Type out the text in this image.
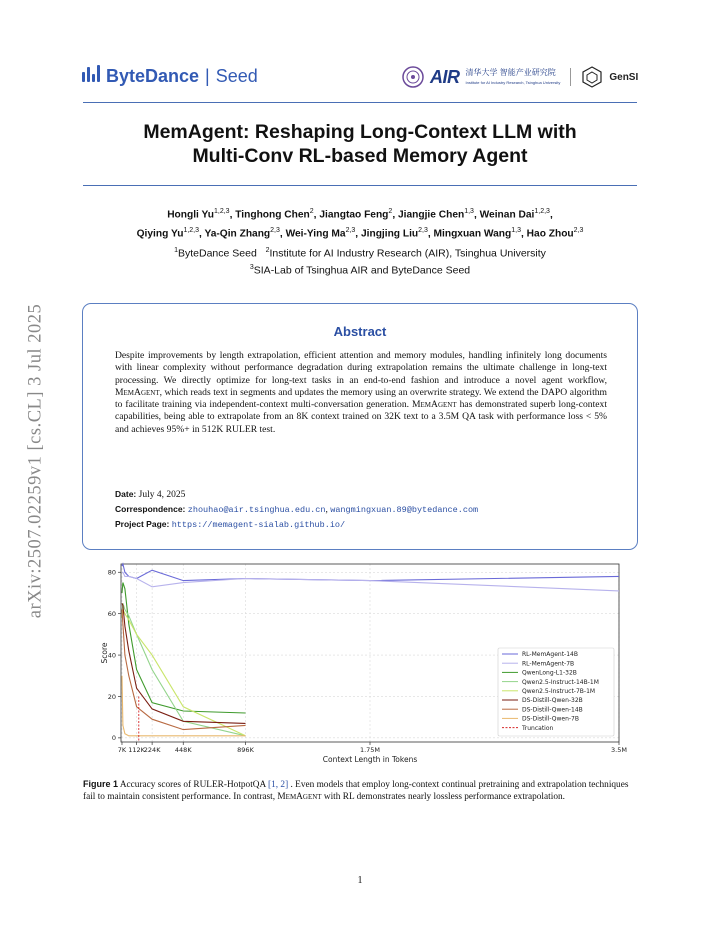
arXiv:2507.02259v1 [cs.CL] 3 Jul 2025
ByteDance | Seed	AIR 清华大学 智能产业研究院
Institute for AI Industry Research, Tsinghua University	GenSI
MemAgent: Reshaping Long-Context LLM with
Multi-Conv RL-based Memory Agent
Hongli Yu$^{1,2,3}$, Tinghong Chen$^2$, Jiangtao Feng$^2$, Jiangjie Chen$^{1,3}$, Weinan Dai$^{1,2,3}$,
Qiying Yu$^{1,2,3}$, Ya-Qin Zhang$^{2,3}$, Wei-Ying Ma$^{2,3}$, Jingjing Liu$^{2,3}$, Mingxuan Wang$^{1,3}$, Hao Zhou$^{2,3}$
$^1$ByteDance Seed $^2$Institute for AI Industry Research (AIR), Tsinghua University
$^3$SIA-Lab of Tsinghua AIR and ByteDance Seed
Abstract
Despite improvements by length extrapolation, efficient attention and memory modules, handling infinitely long documents with linear complexity without performance degradation during extrapolation remains the ultimate challenge in long-text processing. We directly optimize for long-text tasks in an end-to-end fashion and introduce a novel agent workflow, MemAgent, which reads text in segments and updates the memory using an overwrite strategy. We extend the DAPO algorithm to facilitate training via independent-context multi-conversation generation. MemAgent has demonstrated superb long-context capabilities, being able to extrapolate from an 8K context trained on 32K text to a 3.5M QA task with performance loss < 5% and achieves 95%+ in 512K RULER test.
Date: July 4, 2025
Correspondence: zhouhao@air.tsinghua.edu.cn, wangmingxuan.89@bytedance.com
Project Page: https://memagent-sialab.github.io/
7K 112K
224K 448K	896K	1.75M	3.5M
0
20
40
60
80
Context Length in Tokens
Score	RL-MemAgent-14B
RL-MemAgent-7B
QwenLong-L1-32B
Qwen2.5-Instruct-14B-1M
Qwen2.5-Instruct-7B-1M
DS-Distill-Qwen-32B
DS-Distill-Qwen-14B
DS-Distill-Qwen-7B
Truncation
Figure 1 Accuracy scores of RULER-HotpotQA [1, 2] . Even models that employ long-context continual pretraining and extrapolation techniques fail to maintain consistent performance. In contrast, MemAgent with RL demonstrates nearly lossless performance extrapolation.
1
